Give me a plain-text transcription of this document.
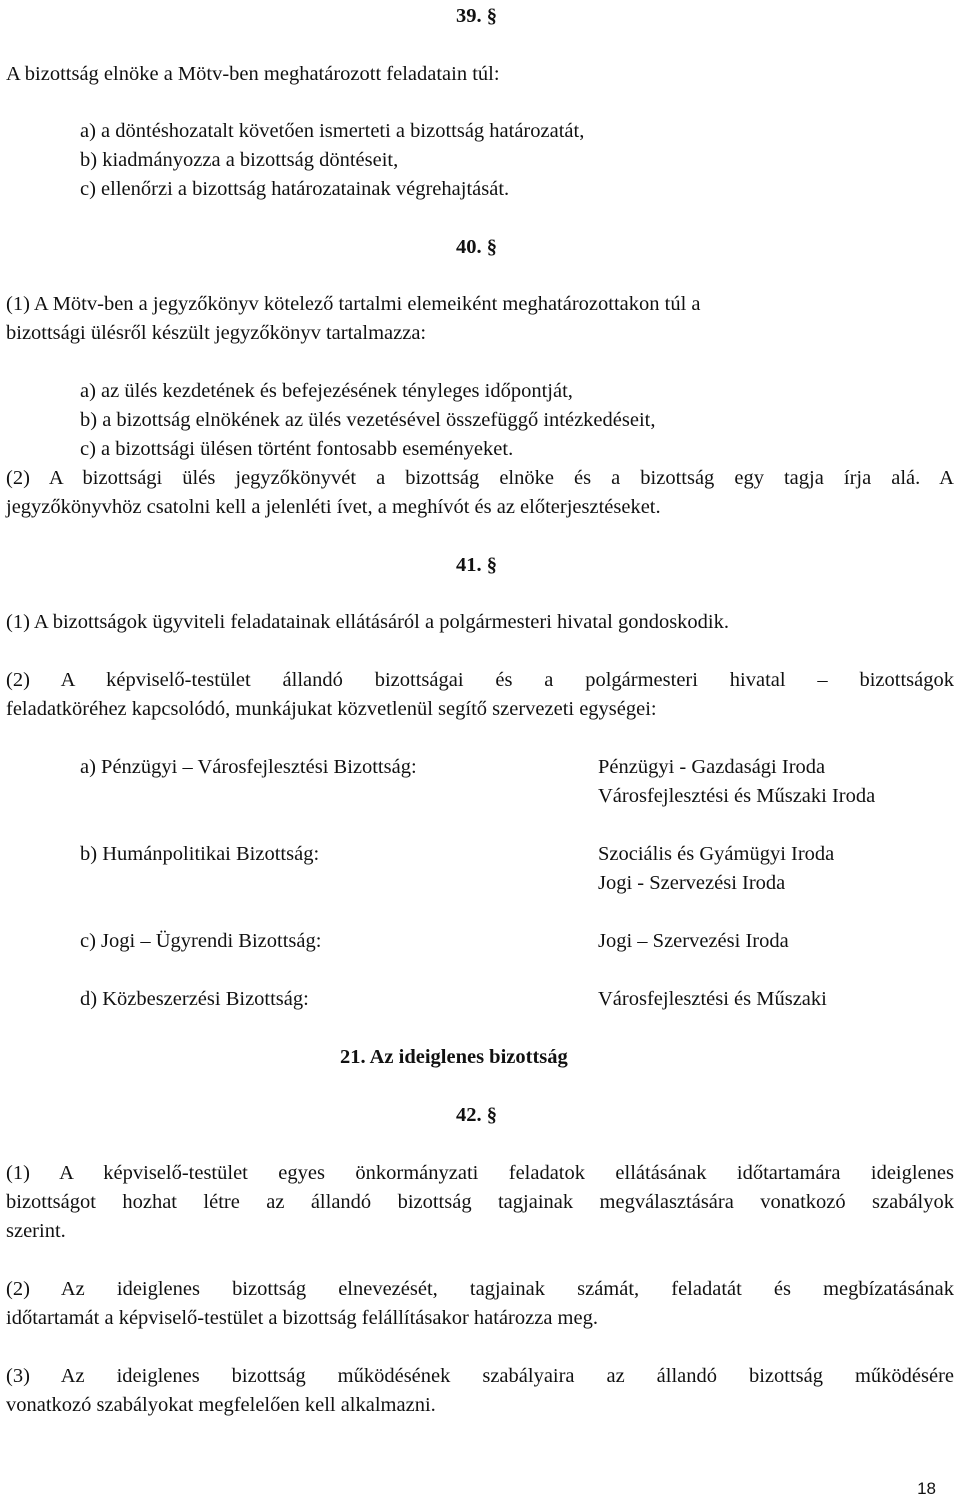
39. §
A bizottság elnöke a Mötv-ben meghatározott feladatain túl:
a) a döntéshozatalt követően ismerteti a bizottság határozatát,
b) kiadmányozza a bizottság döntéseit,
c) ellenőrzi a bizottság határozatainak végrehajtását.
40. §
(1) A Mötv-ben a jegyzőkönyv kötelező tartalmi elemeiként meghatározottakon túl a
bizottsági ülésről készült jegyzőkönyv tartalmazza:
a) az ülés kezdetének és befejezésének tényleges időpontját,
b) a bizottság elnökének az ülés vezetésével összefüggő intézkedéseit,
c) a bizottsági ülésen történt fontosabb eseményeket.
(2) A bizottsági ülés jegyzőkönyvét a bizottság elnöke és a bizottság egy tagja írja alá. A
jegyzőkönyvhöz csatolni kell a jelenléti ívet, a meghívót és az előterjesztéseket.
41. §
(1) A bizottságok ügyviteli feladatainak ellátásáról a polgármesteri hivatal gondoskodik.
(2) A képviselő-testület állandó bizottságai és a polgármesteri hivatal – bizottságok
feladatköréhez kapcsolódó, munkájukat közvetlenül segítő szervezeti egységei:
a) Pénzügyi – Városfejlesztési Bizottság:	Pénzügyi - Gazdasági Iroda
Városfejlesztési és Műszaki Iroda
b) Humánpolitikai Bizottság:	Szociális és Gyámügyi Iroda
Jogi - Szervezési Iroda
c) Jogi – Ügyrendi Bizottság:	Jogi – Szervezési Iroda
d) Közbeszerzési Bizottság:	Városfejlesztési és Műszaki
21. Az ideiglenes bizottság
42. §
(1) A képviselő-testület egyes önkormányzati feladatok ellátásának időtartamára ideiglenes
bizottságot hozhat létre az állandó bizottság tagjainak megválasztására vonatkozó szabályok
szerint.
(2) Az ideiglenes bizottság elnevezését, tagjainak számát, feladatát és megbízatásának
időtartamát a képviselő-testület a bizottság felállításakor határozza meg.
(3) Az ideiglenes bizottság működésének szabályaira az állandó bizottság működésére
vonatkozó szabályokat megfelelően kell alkalmazni.
18
